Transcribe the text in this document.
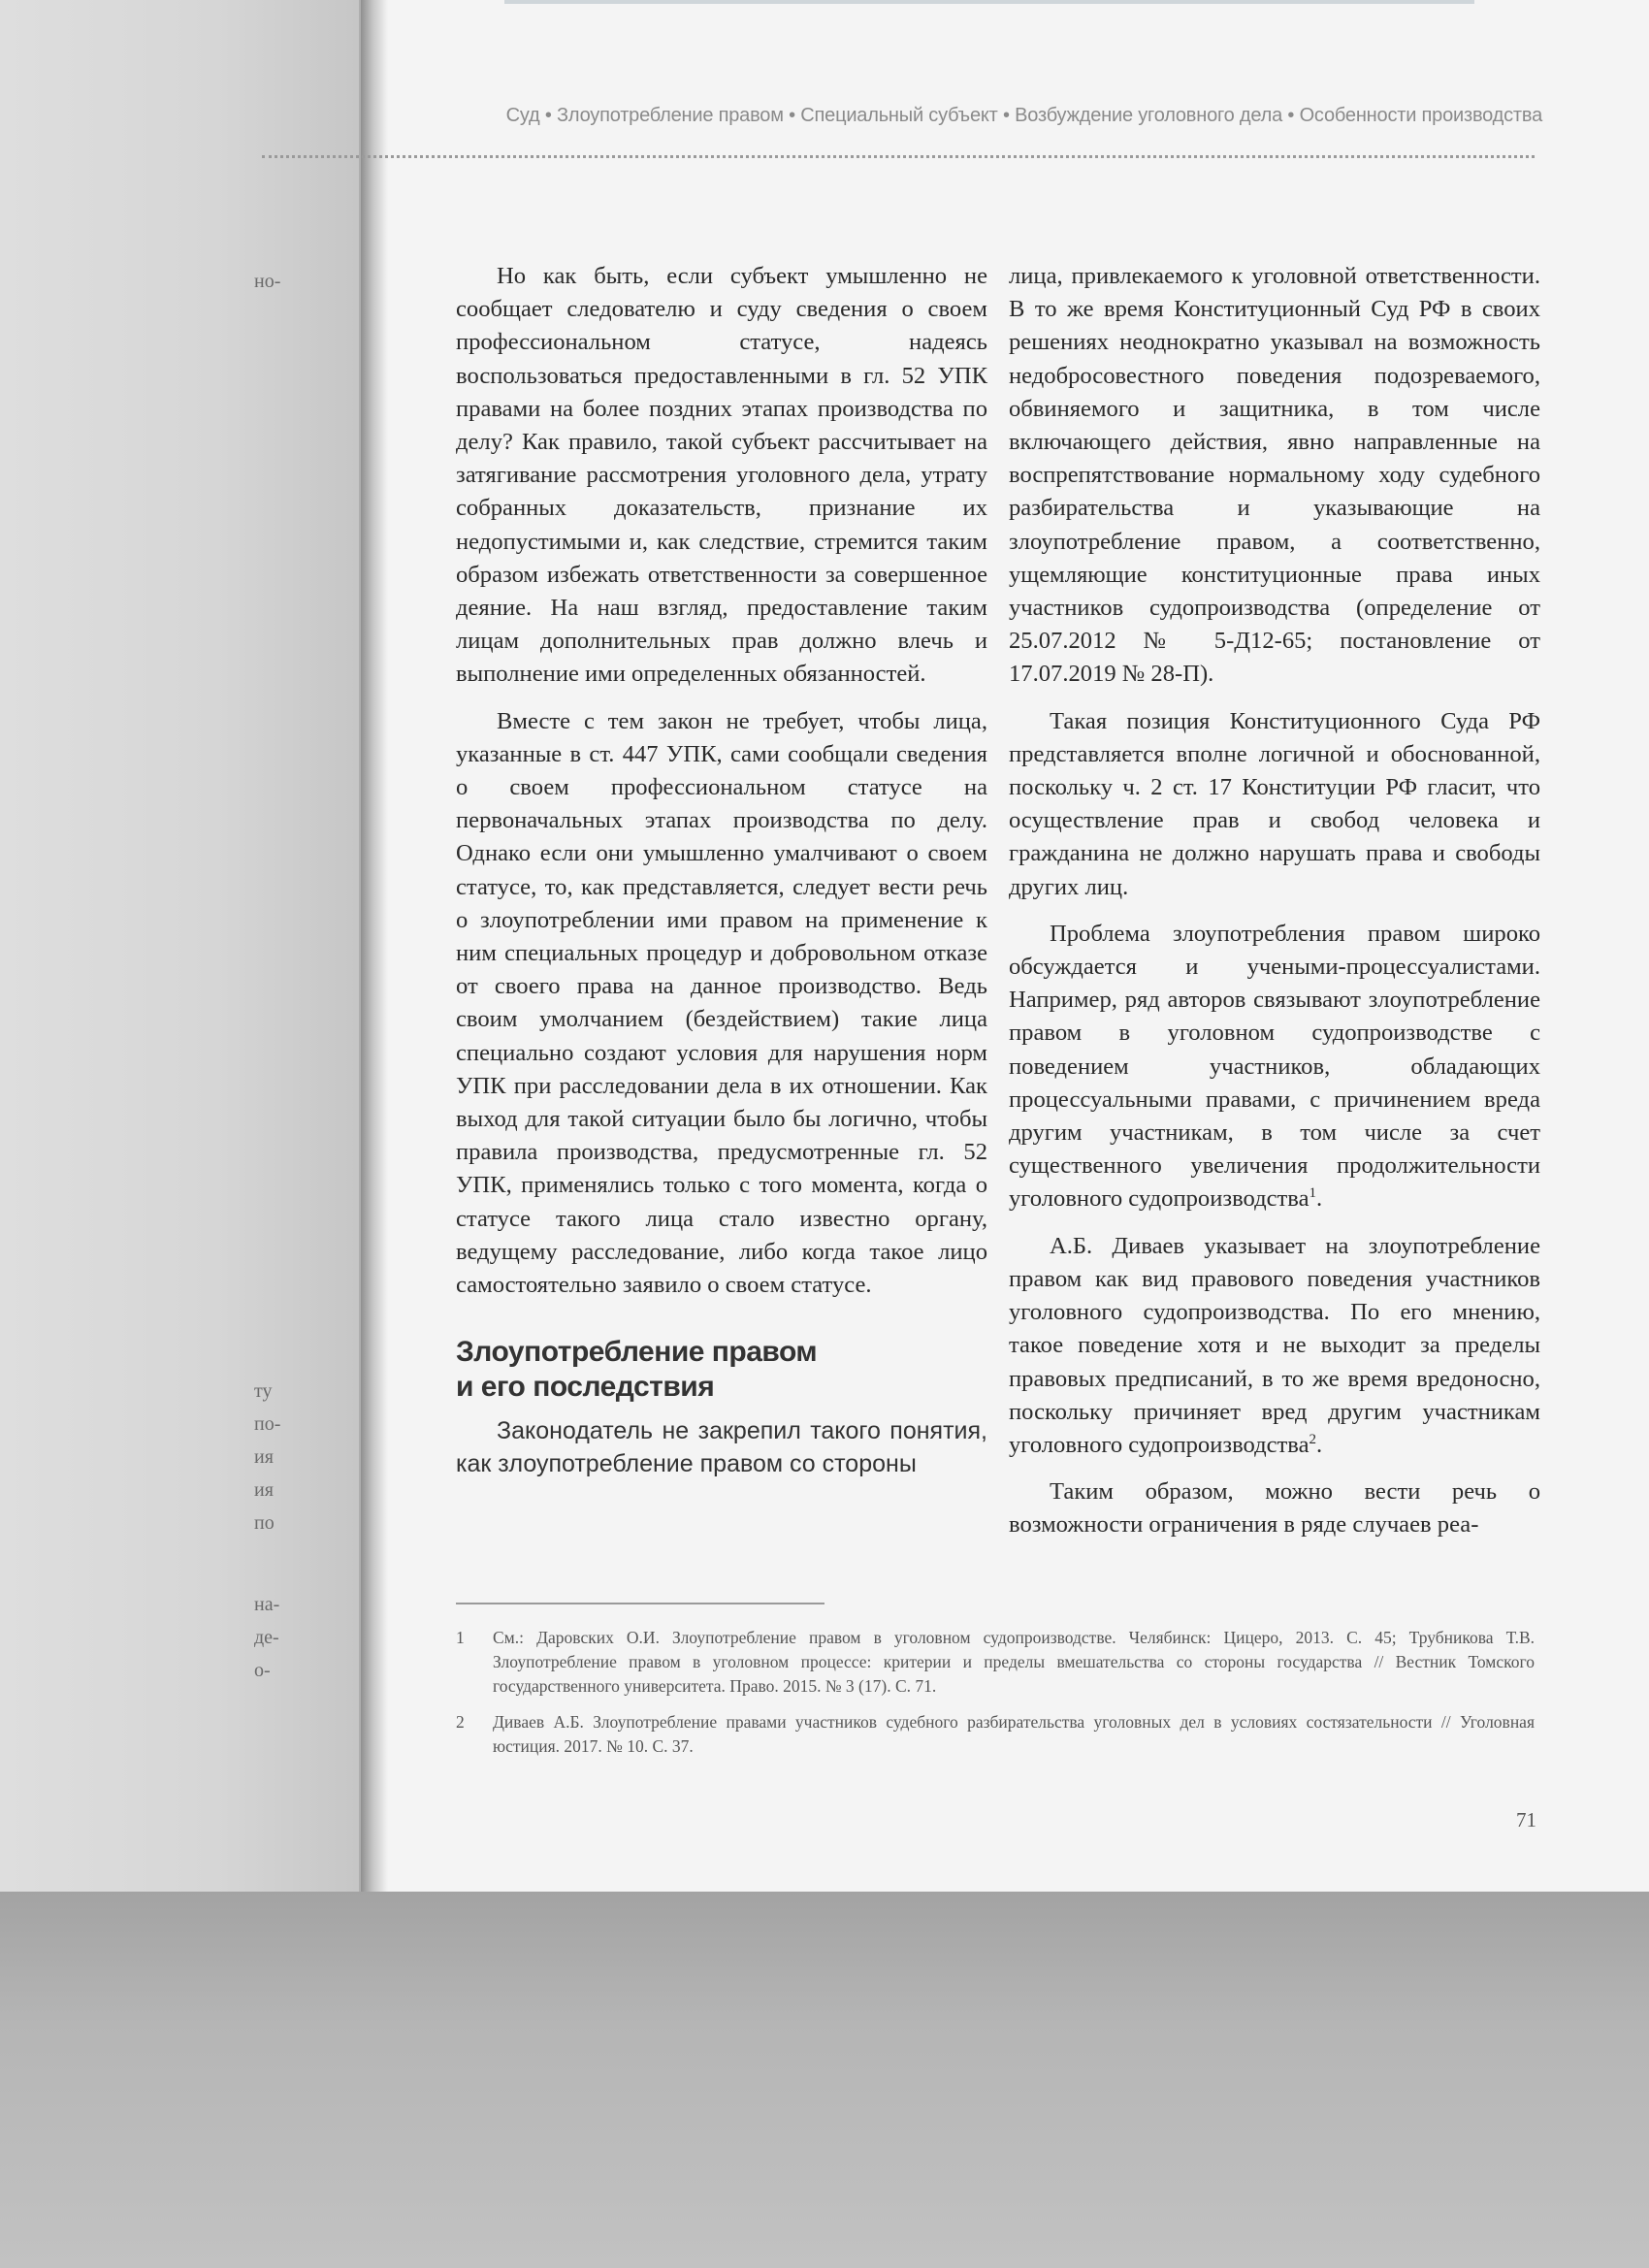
но-
ту
по-
ия
ия
по
на-
де-
о-
Суд • Злоупотребление правом • Специальный субъект • Возбуждение уголовного дела • Особенности производства

Но как быть, если субъект умышленно не сообщает следователю и суду сведения о своем профессиональном статусе, надеясь воспользоваться предоставленными в гл. 52 УПК правами на более поздних этапах производства по делу? Как правило, такой субъект рассчитывает на затягивание рассмотрения уголовного дела, утрату собранных доказательств, признание их недопустимыми и, как следствие, стремится таким образом избежать ответственности за совершенное деяние. На наш взгляд, предоставление таким лицам дополнительных прав должно влечь и выполнение ими определенных обязанностей.

Вместе с тем закон не требует, чтобы лица, указанные в ст. 447 УПК, сами сообщали сведения о своем профессиональном статусе на первоначальных этапах производства по делу. Однако если они умышленно умалчивают о своем статусе, то, как представляется, следует вести речь о злоупотреблении ими правом на применение к ним специальных процедур и добровольном отказе от своего права на данное производство. Ведь своим умолчанием (бездействием) такие лица специально создают условия для нарушения норм УПК при расследовании дела в их отношении. Как выход для такой ситуации было бы логично, чтобы правила производства, предусмотренные гл. 52 УПК, применялись только с того момента, когда о статусе такого лица стало известно органу, ведущему расследование, либо когда такое лицо самостоятельно заявило о своем статусе.

Злоупотребление правом
и его последствия

Законодатель не закрепил такого понятия, как злоупотребление правом со стороны

лица, привлекаемого к уголовной ответственности. В то же время Конституционный Суд РФ в своих решениях неоднократно указывал на возможность недобросовестного поведения подозреваемого, обвиняемого и защитника, в том числе включающего действия, явно направленные на воспрепятствование нормальному ходу судебного разбирательства и указывающие на злоупотребление правом, а соответственно, ущемляющие конституционные права иных участников судопроизводства (определение от 25.07.2012 № 5-Д12-65; постановление от 17.07.2019 № 28-П).

Такая позиция Конституционного Суда РФ представляется вполне логичной и обоснованной, поскольку ч. 2 ст. 17 Конституции РФ гласит, что осуществление прав и свобод человека и гражданина не должно нарушать права и свободы других лиц.

Проблема злоупотребления правом широко обсуждается и учеными-процессуалистами. Например, ряд авторов связывают злоупотребление правом в уголовном судопроизводстве с поведением участников, обладающих процессуальными правами, с причинением вреда другим участникам, в том числе за счет существенного увеличения продолжительности уголовного судопроизводства$^1$.

А.Б. Диваев указывает на злоупотребление правом как вид правового поведения участников уголовного судопроизводства. По его мнению, такое поведение хотя и не выходит за пределы правовых предписаний, в то же время вредоносно, поскольку причиняет вред другим участникам уголовного судопроизводства$^2$.

Таким образом, можно вести речь о возможности ограничения в ряде случаев реа-

1	См.: Даровских О.И. Злоупотребление правом в уголовном судопроизводстве. Челябинск: Цицеро, 2013. С. 45; Трубникова Т.В. Злоупотребление правом в уголовном процессе: критерии и пределы вмешательства со стороны государства // Вестник Томского государственного университета. Право. 2015. № 3 (17). С. 71.
2	Диваев А.Б. Злоупотребление правами участников судебного разбирательства уголовных дел в условиях состязательности // Уголовная юстиция. 2017. № 10. С. 37.
71
